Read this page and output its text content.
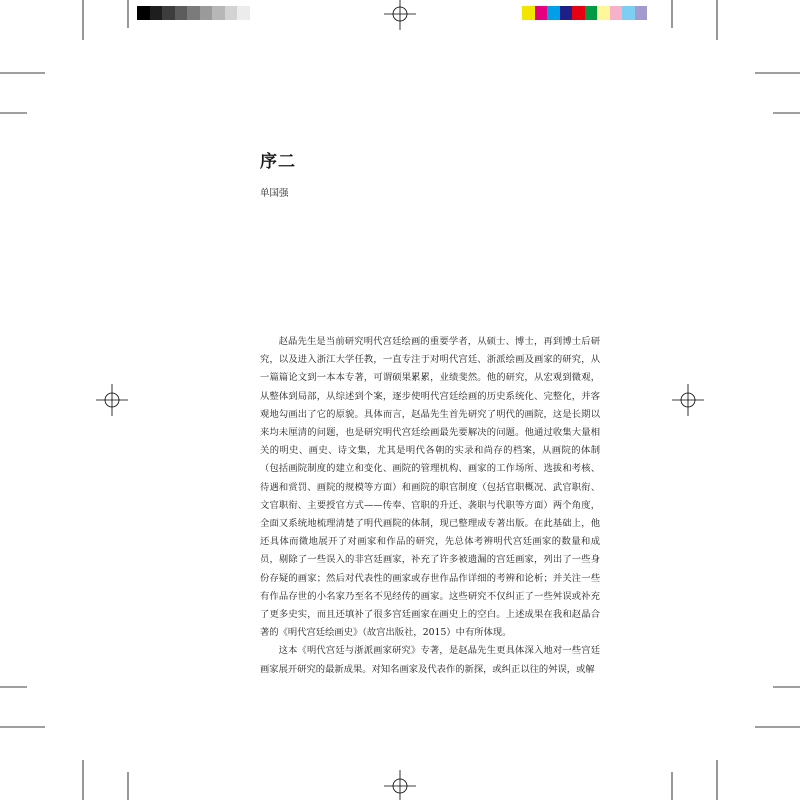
序二
单国强

赵晶先生是当前研究明代宫廷绘画的重要学者，从硕士、博士，再到博士后研究，以及进入浙江大学任教，一直专注于对明代宫廷、浙派绘画及画家的研究，从一篇篇论文到一本本专著，可谓硕果累累，业绩斐然。他的研究，从宏观到微观，从整体到局部，从综述到个案，逐步使明代宫廷绘画的历史系统化、完整化，并客观地勾画出了它的原貌。具体而言，赵晶先生首先研究了明代的画院，这是长期以来均未厘清的问题，也是研究明代宫廷绘画最先要解决的问题。他通过收集大量相关的明史、画史、诗文集，尤其是明代各朝的实录和尚存的档案，从画院的体制（包括画院制度的建立和变化、画院的管理机构、画家的工作场所、选拔和考核、待遇和赏罚、画院的规模等方面）和画院的职官制度（包括官职概况、武官职衔、文官职衔、主要授官方式——传奉、官职的升迁、袭职与代职等方面）两个角度，全面又系统地梳理清楚了明代画院的体制，现已整理成专著出版。在此基础上，他还具体而微地展开了对画家和作品的研究，先总体考辨明代宫廷画家的数量和成员，剔除了一些误入的非宫廷画家，补充了许多被遗漏的宫廷画家，列出了一些身份存疑的画家；然后对代表性的画家或存世作品作详细的考辨和论析；并关注一些有作品存世的小名家乃至名不见经传的画家。这些研究不仅纠正了一些舛误或补充了更多史实，而且还填补了很多宫廷画家在画史上的空白。上述成果在我和赵晶合著的《明代宫廷绘画史》（故宫出版社，2015）中有所体现。

这本《明代宫廷与浙派画家研究》专著，是赵晶先生更具体深入地对一些宫廷画家展开研究的最新成果。对知名画家及代表作的新探，或纠正以往的舛误，或解
